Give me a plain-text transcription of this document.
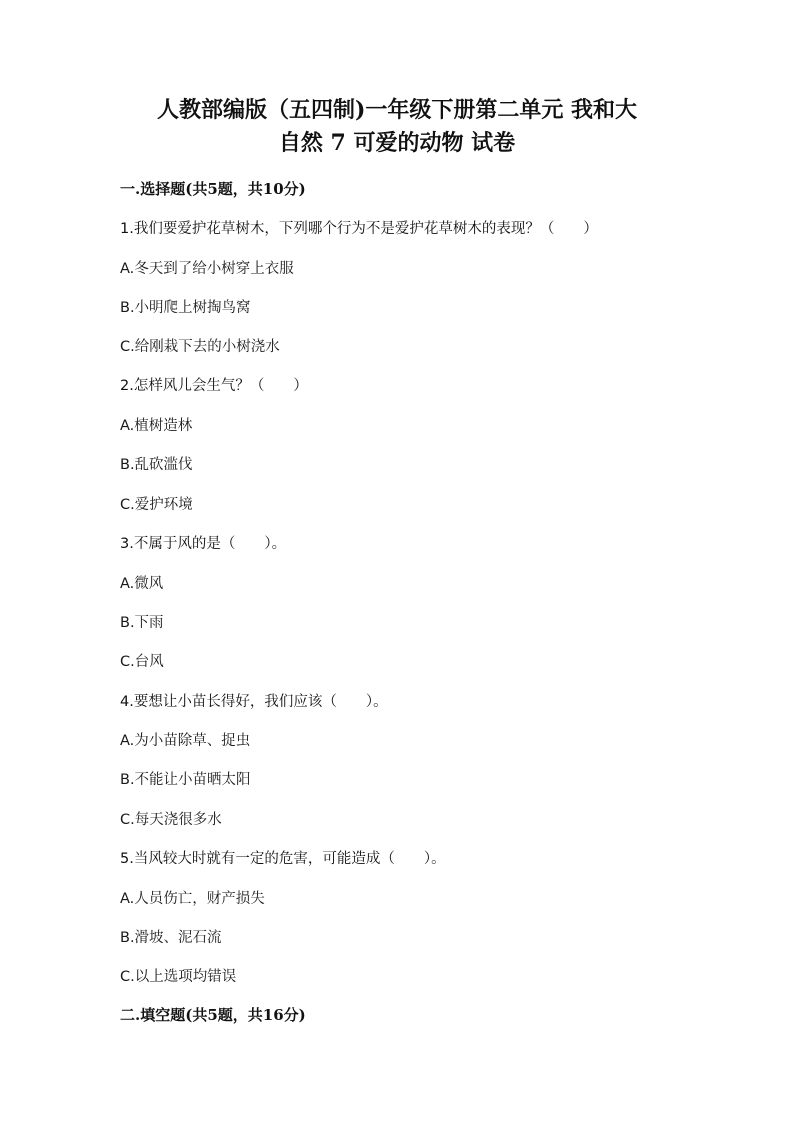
人教部编版（五四制)一年级下册第二单元 我和大
自然 7 可爱的动物 试卷
一.选择题(共5题，共10分)
1.我们要爱护花草树木，下列哪个行为不是爱护花草树木的表现？（　　）
A.冬天到了给小树穿上衣服
B.小明爬上树掏鸟窝
C.给刚栽下去的小树浇水
2.怎样风儿会生气？（　　）
A.植树造林
B.乱砍滥伐
C.爱护环境
3.不属于风的是（　　）。
A.微风
B.下雨
C.台风
4.要想让小苗长得好，我们应该（　　）。
A.为小苗除草、捉虫
B.不能让小苗晒太阳
C.每天浇很多水
5.当风较大时就有一定的危害，可能造成（　　）。
A.人员伤亡，财产损失
B.滑坡、泥石流
C.以上选项均错误
二.填空题(共5题，共16分)
